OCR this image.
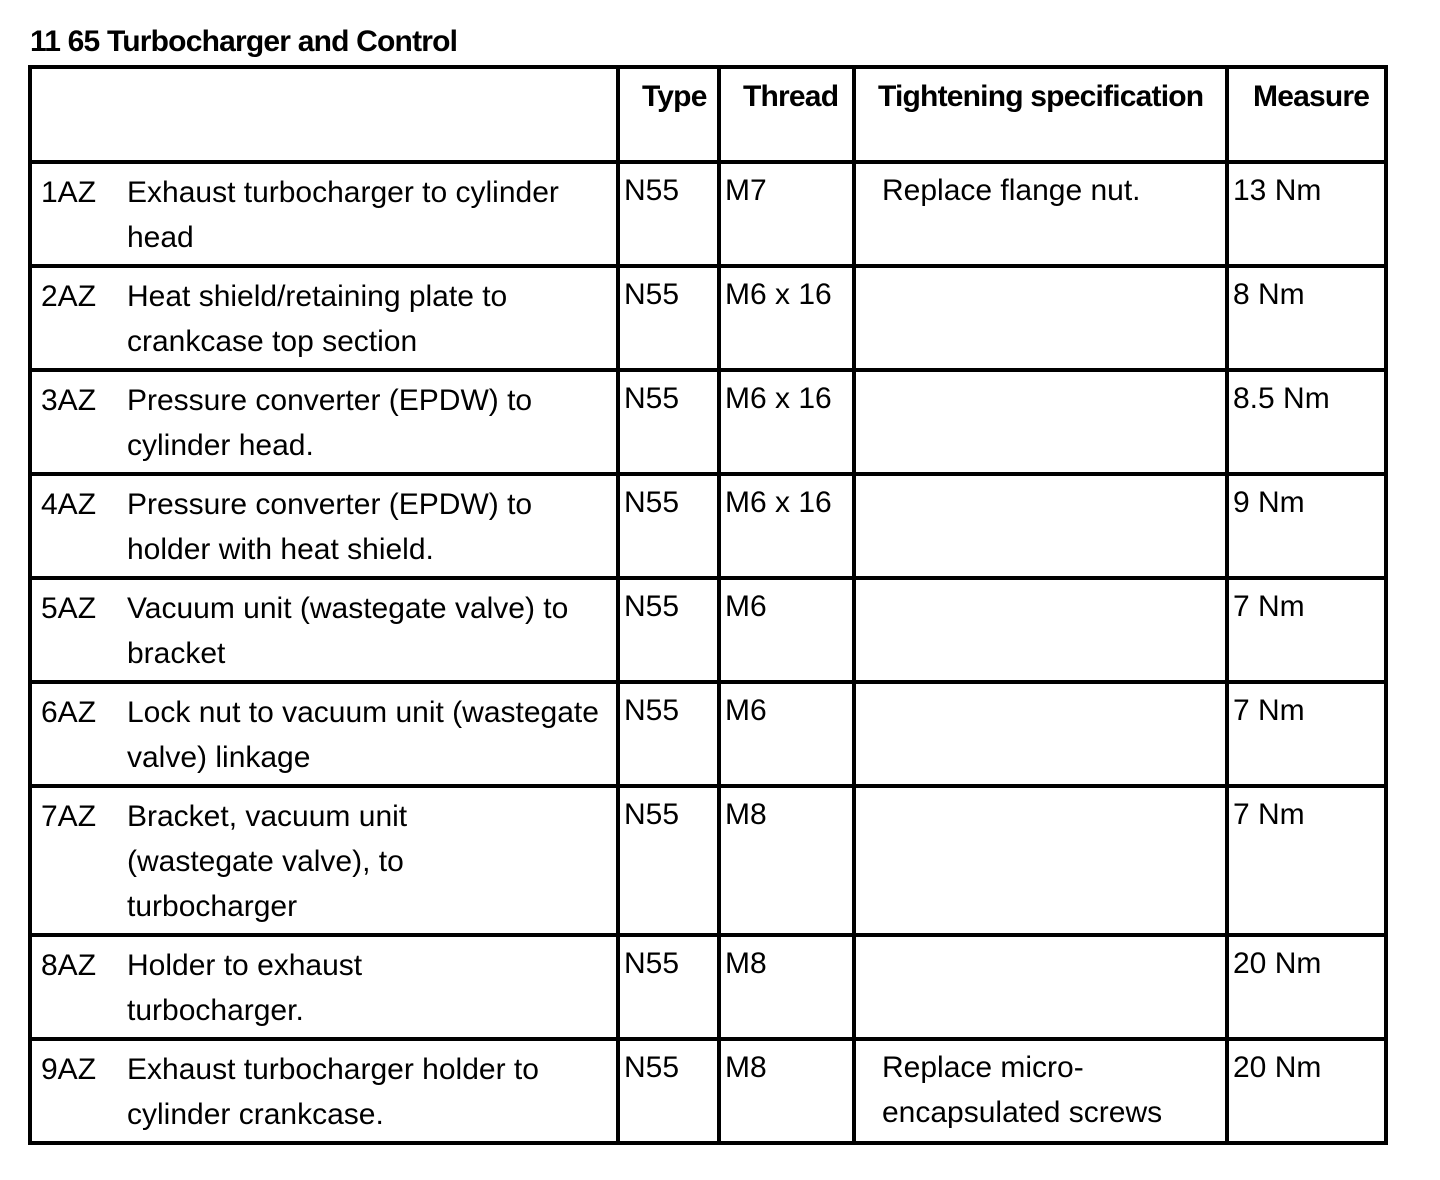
11 65 Turbocharger and Control
	Type	Thread	Tightening specification	Measure

1AZ Exhaust turbocharger to cylinder head	N55	M7	Replace flange nut.	13 Nm

2AZ Heat shield/retaining plate to crankcase top section	N55	M6 x 16		8 Nm

3AZ Pressure converter (EPDW) to cylinder head.	N55	M6 x 16		8.5 Nm

4AZ Pressure converter (EPDW) to holder with heat shield.	N55	M6 x 16		9 Nm

5AZ Vacuum unit (wastegate valve) to bracket	N55	M6		7 Nm

6AZ Lock nut to vacuum unit (wastegate valve) linkage	N55	M6		7 Nm

7AZ Bracket, vacuum unit (wastegate valve), to turbocharger	N55	M8		7 Nm

8AZ Holder to exhaust turbocharger.	N55	M8		20 Nm

9AZ Exhaust turbocharger holder to cylinder crankcase.	N55	M8	Replace micro-encapsulated screws	20 Nm
